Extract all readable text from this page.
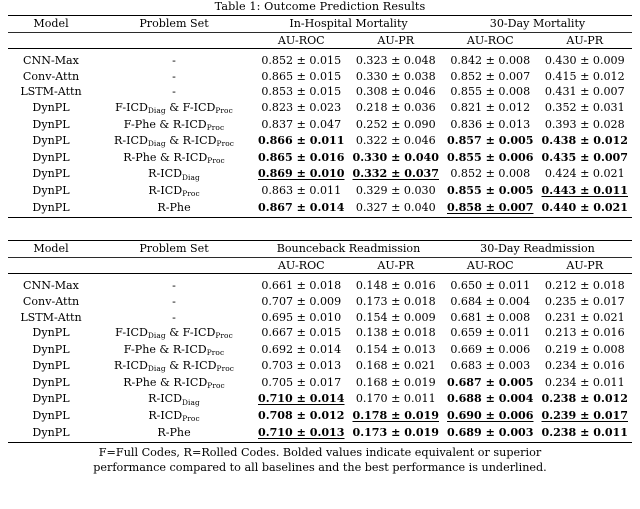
Table 1: Outcome Prediction Results

Model	Problem Set	In-Hospital Mortality		30-Day Mortality	

		AU-ROC	AU-PR	AU-ROC	AU-PR

CNN-Max	-	0.852 ± 0.015	0.323 ± 0.048	0.842 ± 0.008	0.430 ± 0.009
Conv-Attn	-	0.865 ± 0.015	0.330 ± 0.038	0.852 ± 0.007	0.415 ± 0.012
LSTM-Attn	-	0.853 ± 0.015	0.308 ± 0.046	0.855 ± 0.008	0.431 ± 0.007
DynPL	$F-ICD_{Diag}$ & $F-ICD_{Proc}$	0.823 ± 0.023	0.218 ± 0.036	0.821 ± 0.012	0.352 ± 0.031
DynPL	F-Phe & $R-ICD_{Proc}$	0.837 ± 0.047	0.252 ± 0.090	0.836 ± 0.013	0.393 ± 0.028
DynPL	$R-ICD_{Diag}$ & $R-ICD_{Proc}$	0.866 ± 0.011	0.322 ± 0.046	0.857 ± 0.005	0.438 ± 0.012
DynPL	R-Phe & $R-ICD_{Proc}$	0.865 ± 0.016	0.330 ± 0.040	0.855 ± 0.006	0.435 ± 0.007
DynPL	$R-ICD_{Diag}$	0.869 ± 0.010	0.332 ± 0.037	0.852 ± 0.008	0.424 ± 0.021
DynPL	$R-ICD_{Proc}$	0.863 ± 0.011	0.329 ± 0.030	0.855 ± 0.005	0.443 ± 0.011
DynPL	R-Phe	0.867 ± 0.014	0.327 ± 0.040	0.858 ± 0.007	0.440 ± 0.021

Model	Problem Set	Bounceback Readmission		30-Day Readmission	

		AU-ROC	AU-PR	AU-ROC	AU-PR

CNN-Max	-	0.661 ± 0.018	0.148 ± 0.016	0.650 ± 0.011	0.212 ± 0.018
Conv-Attn	-	0.707 ± 0.009	0.173 ± 0.018	0.684 ± 0.004	0.235 ± 0.017
LSTM-Attn	-	0.695 ± 0.010	0.154 ± 0.009	0.681 ± 0.008	0.231 ± 0.021
DynPL	$F-ICD_{Diag}$ & $F-ICD_{Proc}$	0.667 ± 0.015	0.138 ± 0.018	0.659 ± 0.011	0.213 ± 0.016
DynPL	F-Phe & $R-ICD_{Proc}$	0.692 ± 0.014	0.154 ± 0.013	0.669 ± 0.006	0.219 ± 0.008
DynPL	$R-ICD_{Diag}$ & $R-ICD_{Proc}$	0.703 ± 0.013	0.168 ± 0.021	0.683 ± 0.003	0.234 ± 0.016
DynPL	R-Phe & $R-ICD_{Proc}$	0.705 ± 0.017	0.168 ± 0.019	0.687 ± 0.005	0.234 ± 0.011
DynPL	$R-ICD_{Diag}$	0.710 ± 0.014	0.170 ± 0.011	0.688 ± 0.004	0.238 ± 0.012
DynPL	$R-ICD_{Proc}$	0.708 ± 0.012	0.178 ± 0.019	0.690 ± 0.006	0.239 ± 0.017
DynPL	R-Phe	0.710 ± 0.013	0.173 ± 0.019	0.689 ± 0.003	0.238 ± 0.011

F=Full Codes, R=Rolled Codes. Bolded values indicate equivalent or superior
performance compared to all baselines and the best performance is underlined.
